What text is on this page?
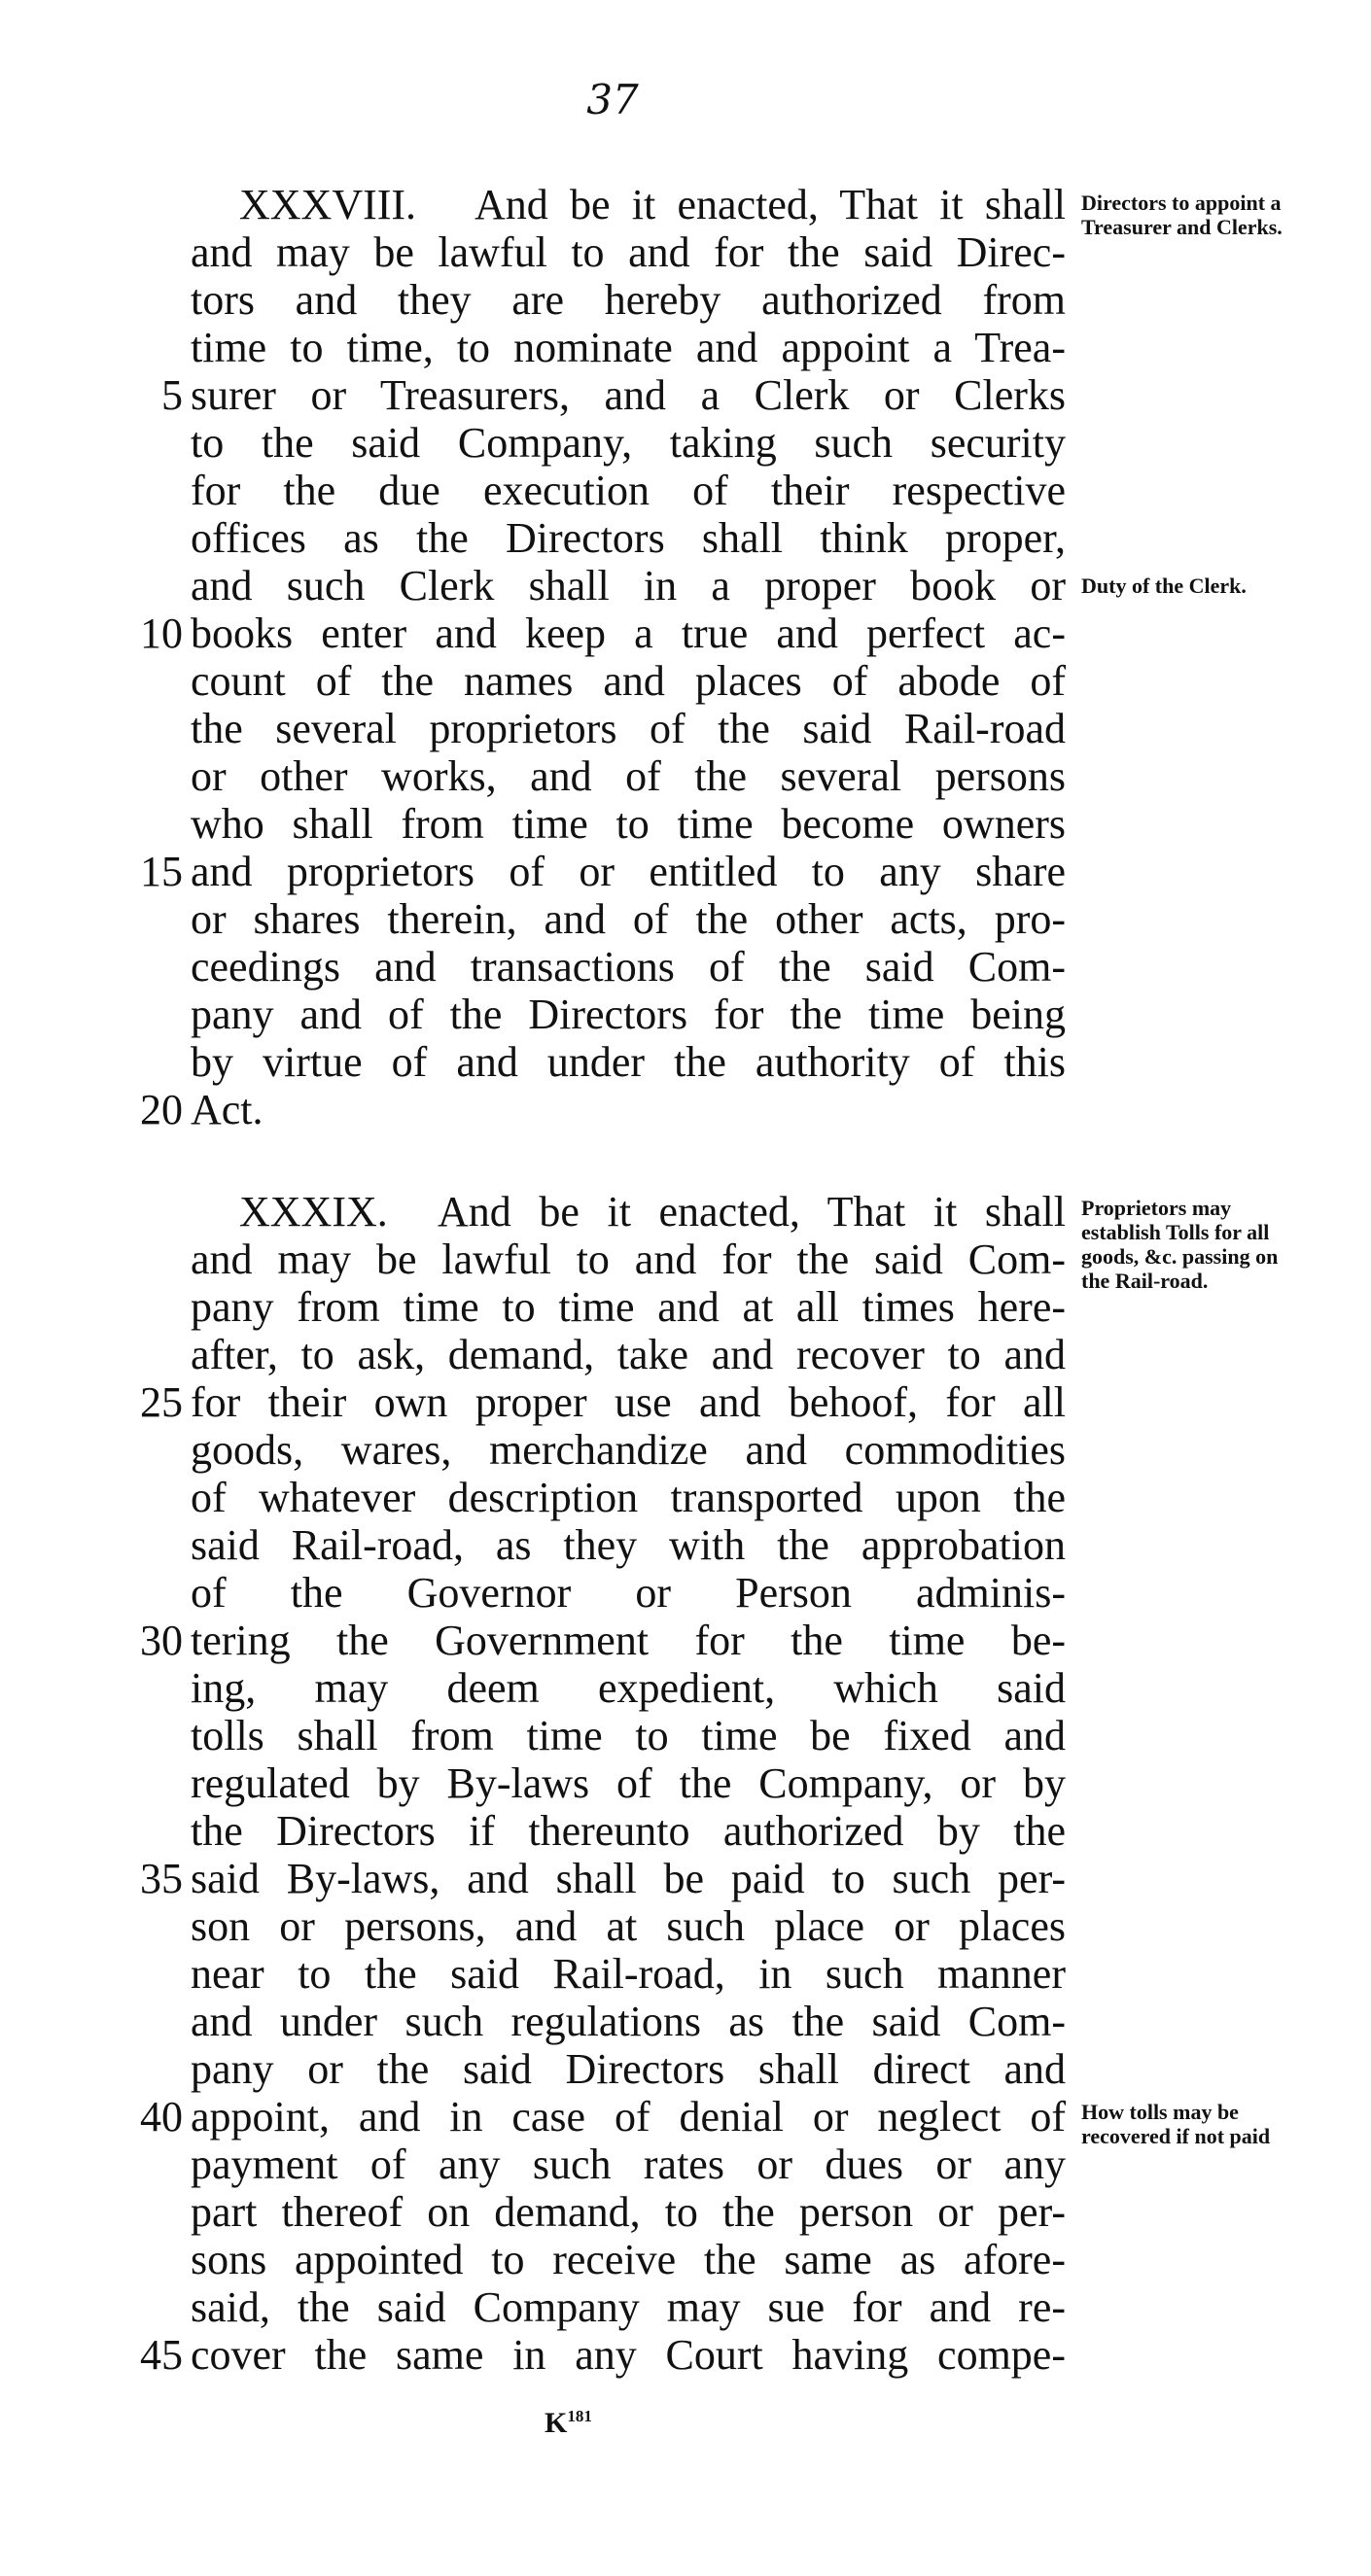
37
XXXVIII. And be it enacted, That it shall
and may be lawful to and for the said Direc-
tors and they are hereby authorized from
time to time, to nominate and appoint a Trea-
surer or Treasurers, and a Clerk or Clerks
to the said Company, taking such security
for the due execution of their respective
offices as the Directors shall think proper,
and such Clerk shall in a proper book or
books enter and keep a true and perfect ac-
count of the names and places of abode of
the several proprietors of the said Rail-road
or other works, and of the several persons
who shall from time to time become owners
and proprietors of or entitled to any share
or shares therein, and of the other acts, pro-
ceedings and transactions of the said Com-
pany and of the Directors for the time being
by virtue of and under the authority of this
Act.
5
10
15
20
XXXIX. And be it enacted, That it shall
and may be lawful to and for the said Com-
pany from time to time and at all times here-
after, to ask, demand, take and recover to and
for their own proper use and behoof, for all
goods, wares, merchandize and commodities
of whatever description transported upon the
said Rail-road, as they with the approbation
of the Governor or Person adminis-
tering the Government for the time be-
ing, may deem expedient, which said
tolls shall from time to time be fixed and
regulated by By-laws of the Company, or by
the Directors if thereunto authorized by the
said By-laws, and shall be paid to such per-
son or persons, and at such place or places
near to the said Rail-road, in such manner
and under such regulations as the said Com-
pany or the said Directors shall direct and
appoint, and in case of denial or neglect of
payment of any such rates or dues or any
part thereof on demand, to the person or per-
sons appointed to receive the same as afore-
said, the said Company may sue for and re-
cover the same in any Court having compe-
25
30
35
40
45
Directors to appoint a Treasurer and Clerks.
Duty of the Clerk.
Proprietors may establish Tolls for all goods, &c. passing on the Rail-road.
How tolls may be recovered if not paid
$K^{181}$
